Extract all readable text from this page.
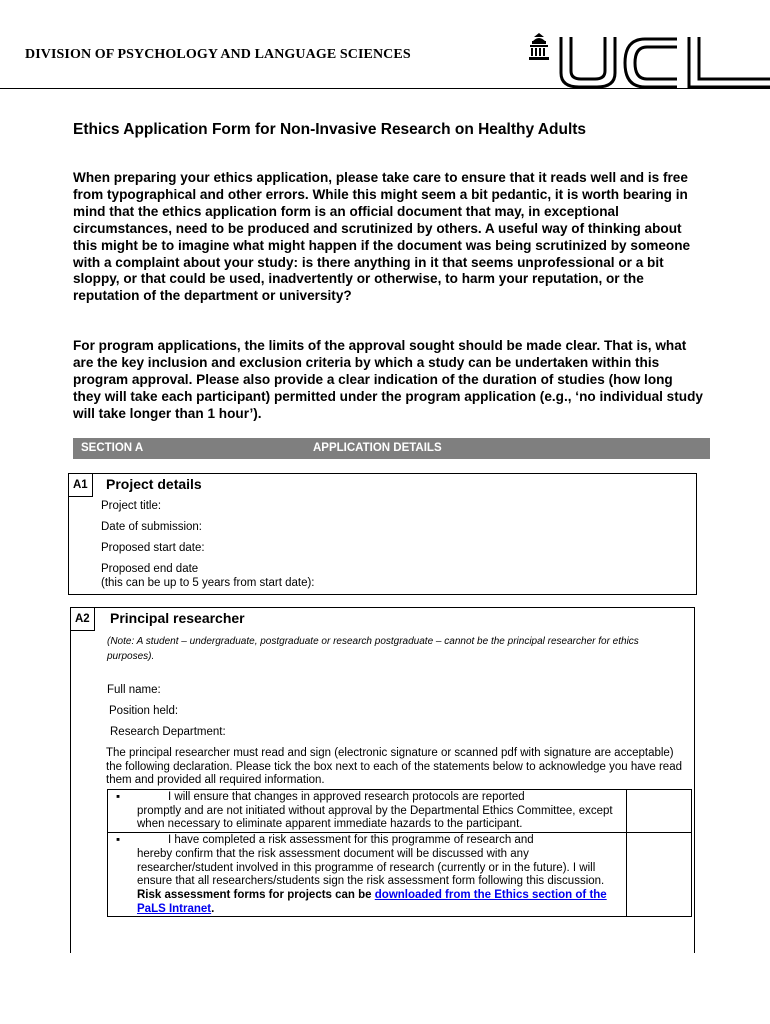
DIVISION OF PSYCHOLOGY AND LANGUAGE SCIENCES
Ethics Application Form for Non-Invasive Research on Healthy Adults

When preparing your ethics application, please take care to ensure that it reads well and is free from typographical and other errors. While this might seem a bit pedantic, it is worth bearing in mind that the ethics application form is an official document that may, in exceptional circumstances, need to be produced and scrutinized by others. A useful way of thinking about this might be to imagine what might happen if the document was being scrutinized by someone with a complaint about your study: is there anything in it that seems unprofessional or a bit sloppy, or that could be used, inadvertently or otherwise, to harm your reputation, or the reputation of the department or university?

For program applications, the limits of the approval sought should be made clear. That is, what are the key inclusion and exclusion criteria by which a study can be undertaken within this program approval. Please also provide a clear indication of the duration of studies (how long they will take each participant) permitted under the program application (e.g., ‘no individual study will take longer than 1 hour’).

SECTION A	APPLICATION DETAILS
A1	Project details
Project title:
Date of submission:
Proposed start date:
Proposed end date
(this can be up to 5 years from start date):
A2	Principal researcher
(Note: A student – undergraduate, postgraduate or research postgraduate – cannot be the principal researcher for ethics purposes).
Full name:
Position held:
Research Department:
The principal researcher must read and sign (electronic signature or scanned pdf with signature are acceptable) the following declaration. Please tick the box next to each of the statements below to acknowledge you have read them and provided all required information.
▪ I will ensure that changes in approved research protocols are reported
promptly and are not initiated without approval by the Departmental Ethics Committee, except when necessary to eliminate apparent immediate hazards to the participant.	

▪ I have completed a risk assessment for this programme of research and
hereby confirm that the risk assessment document will be discussed with any researcher/student involved in this programme of research (currently or in the future). I will ensure that all researchers/students sign the risk assessment form following this discussion.
Risk assessment forms for projects can be downloaded from the Ethics section of the PaLS Intranet.	
